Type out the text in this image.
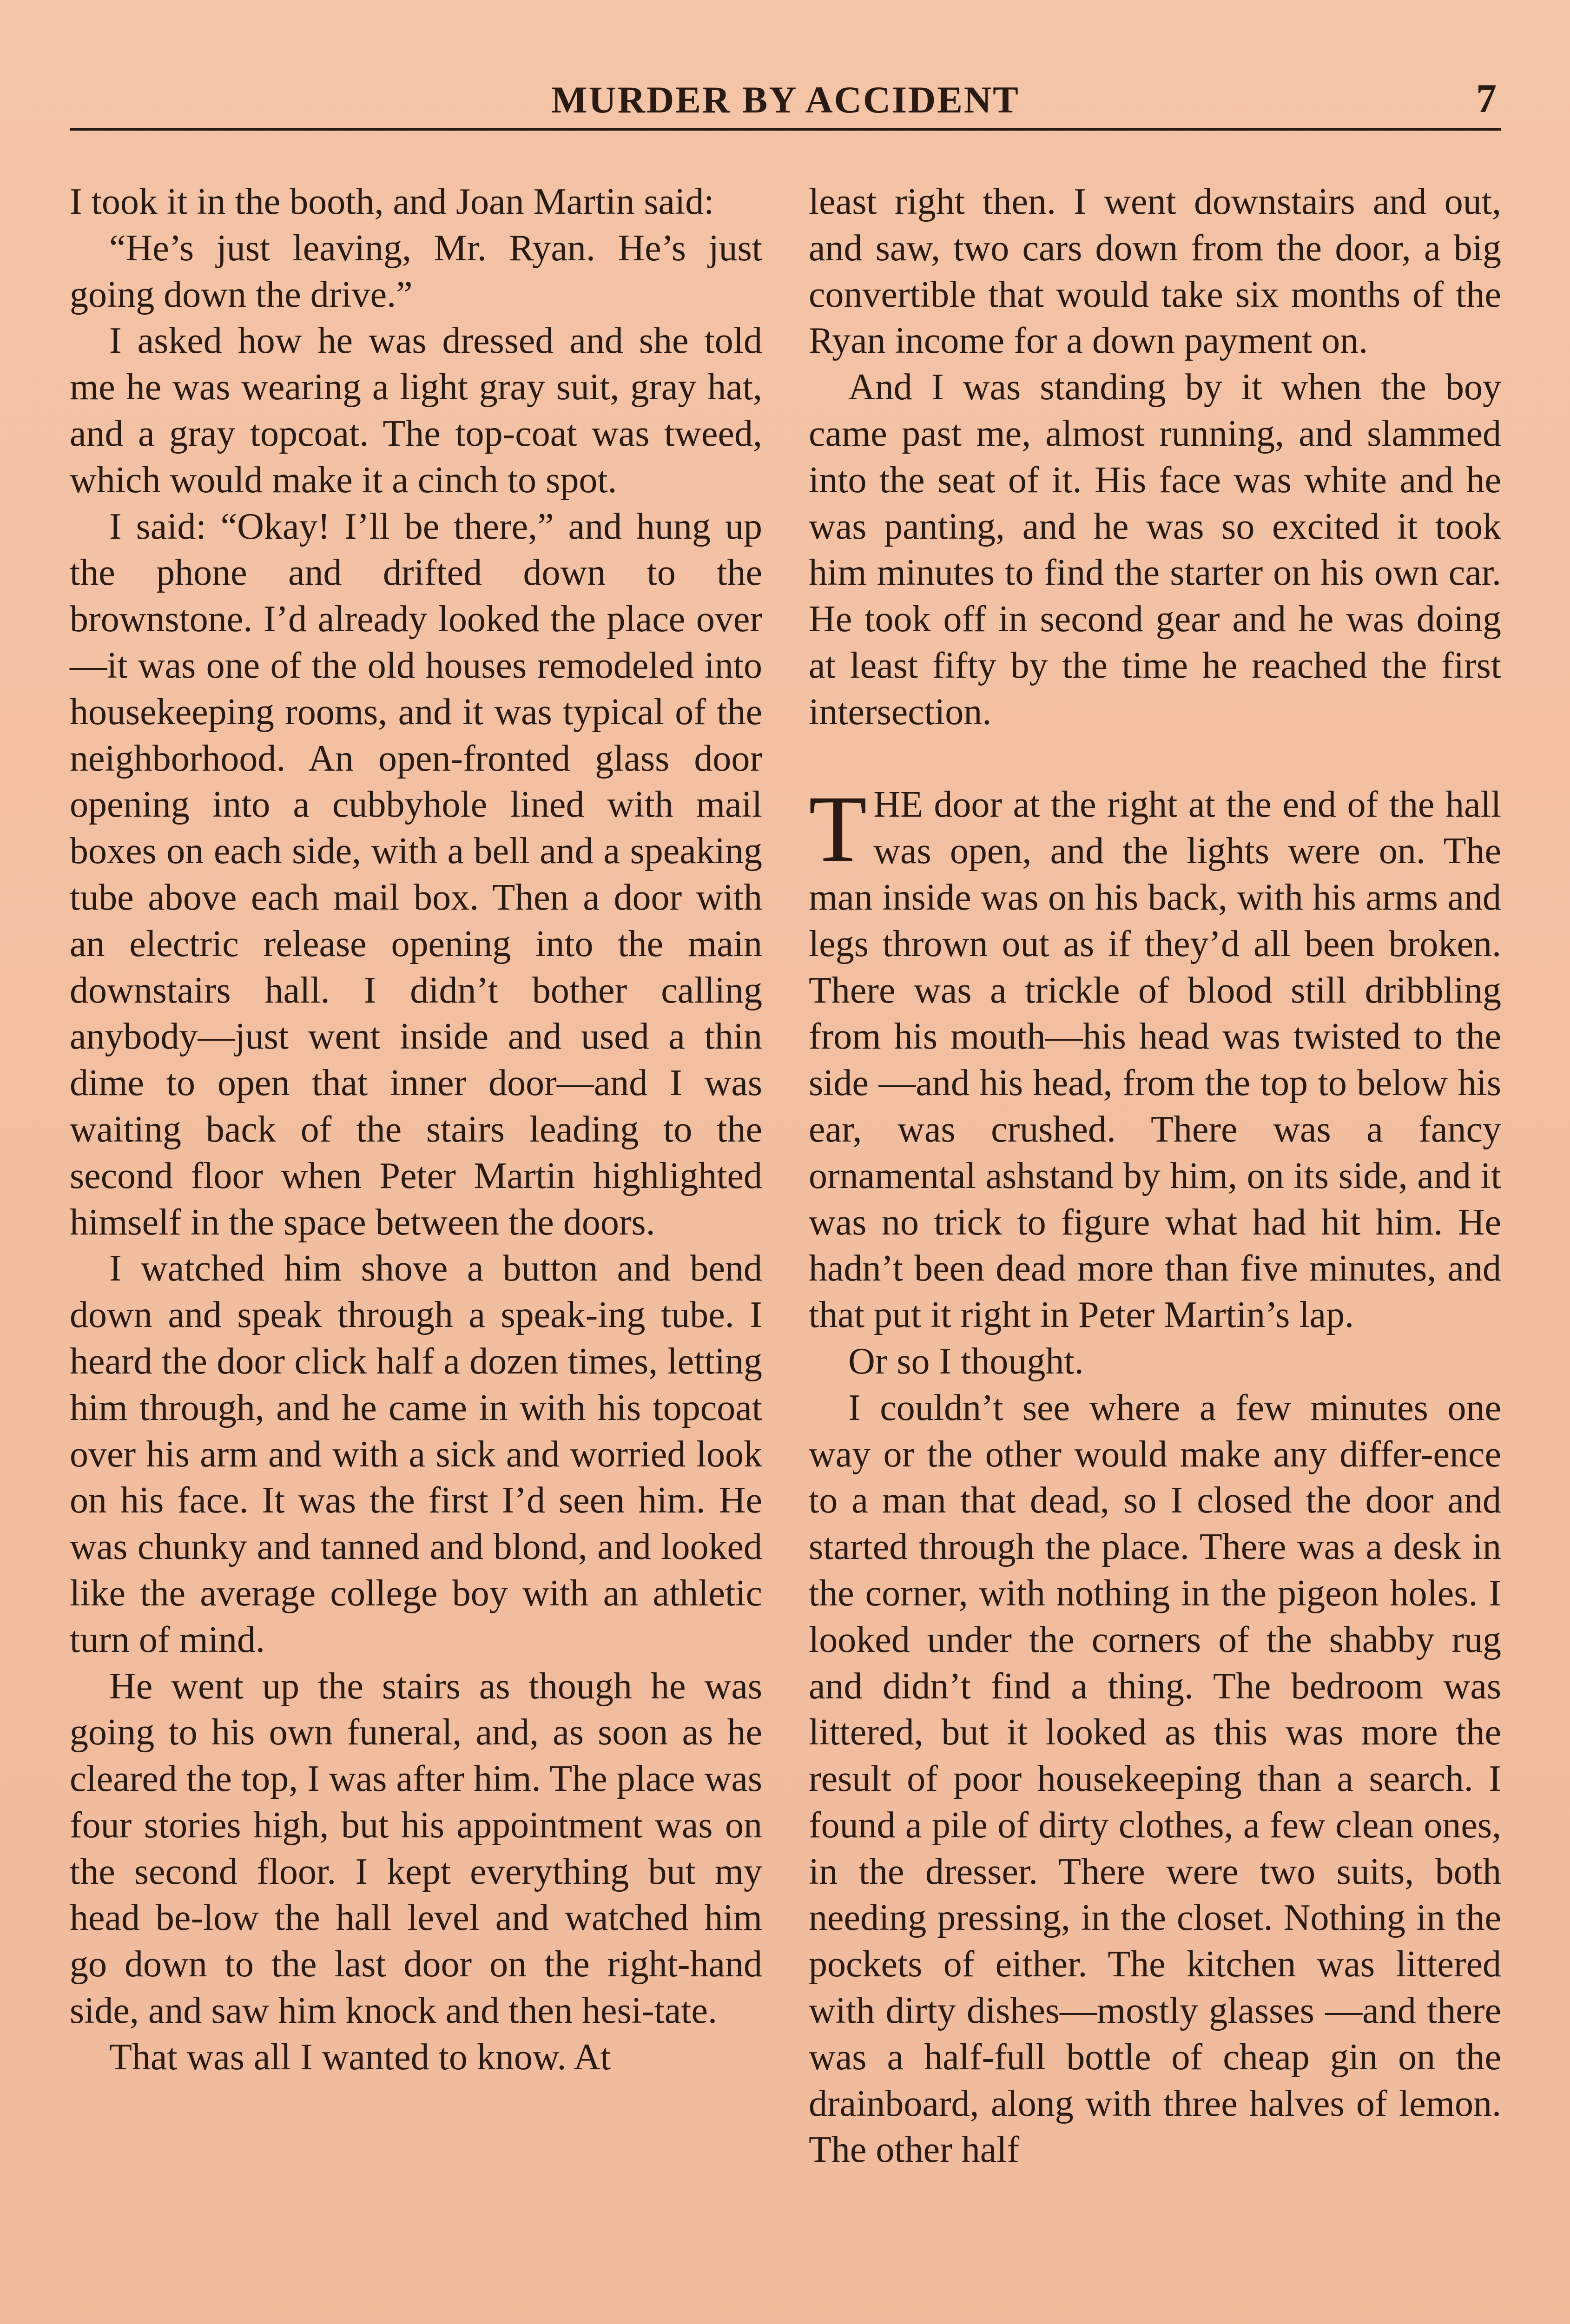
MURDER BY ACCIDENT	7

I took it in the booth, and Joan Martin said:

“He’s just leaving, Mr. Ryan. He’s just going down the drive.”

I asked how he was dressed and she told me he was wearing a light gray suit, gray hat, and a gray topcoat. The top-coat was tweed, which would make it a cinch to spot.

I said: “Okay! I’ll be there,” and hung up the phone and drifted down to the brownstone. I’d already looked the place over—it was one of the old houses remodeled into housekeeping rooms, and it was typical of the neighborhood. An open-fronted glass door opening into a cubbyhole lined with mail boxes on each side, with a bell and a speaking tube above each mail box. Then a door with an electric release opening into the main downstairs hall. I didn’t bother calling anybody—just went inside and used a thin dime to open that inner door—and I was waiting back of the stairs leading to the second floor when Peter Martin highlighted himself in the space between the doors.

I watched him shove a button and bend down and speak through a speak-ing tube. I heard the door click half a dozen times, letting him through, and he came in with his topcoat over his arm and with a sick and worried look on his face. It was the first I’d seen him. He was chunky and tanned and blond, and looked like the average college boy with an athletic turn of mind.

He went up the stairs as though he was going to his own funeral, and, as soon as he cleared the top, I was after him. The place was four stories high, but his appointment was on the second floor. I kept everything but my head be-low the hall level and watched him go down to the last door on the right-hand side, and saw him knock and then hesi-tate.

That was all I wanted to know. At

least right then. I went downstairs and out, and saw, two cars down from the door, a big convertible that would take six months of the Ryan income for a down payment on.

And I was standing by it when the boy came past me, almost running, and slammed into the seat of it. His face was white and he was panting, and he was so excited it took him minutes to find the starter on his own car. He took off in second gear and he was doing at least fifty by the time he reached the first intersection.

THE door at the right at the end of the hall was open, and the lights were on. The man inside was on his back, with his arms and legs thrown out as if they’d all been broken. There was a trickle of blood still dribbling from his mouth—his head was twisted to the side —and his head, from the top to below his ear, was crushed. There was a fancy ornamental ashstand by him, on its side, and it was no trick to figure what had hit him. He hadn’t been dead more than five minutes, and that put it right in Peter Martin’s lap.

Or so I thought.

I couldn’t see where a few minutes one way or the other would make any differ-ence to a man that dead, so I closed the door and started through the place. There was a desk in the corner, with nothing in the pigeon holes. I looked under the corners of the shabby rug and didn’t find a thing. The bedroom was littered, but it looked as this was more the result of poor housekeeping than a search. I found a pile of dirty clothes, a few clean ones, in the dresser. There were two suits, both needing pressing, in the closet. Nothing in the pockets of either. The kitchen was littered with dirty dishes—mostly glasses —and there was a half-full bottle of cheap gin on the drainboard, along with three halves of lemon. The other half
